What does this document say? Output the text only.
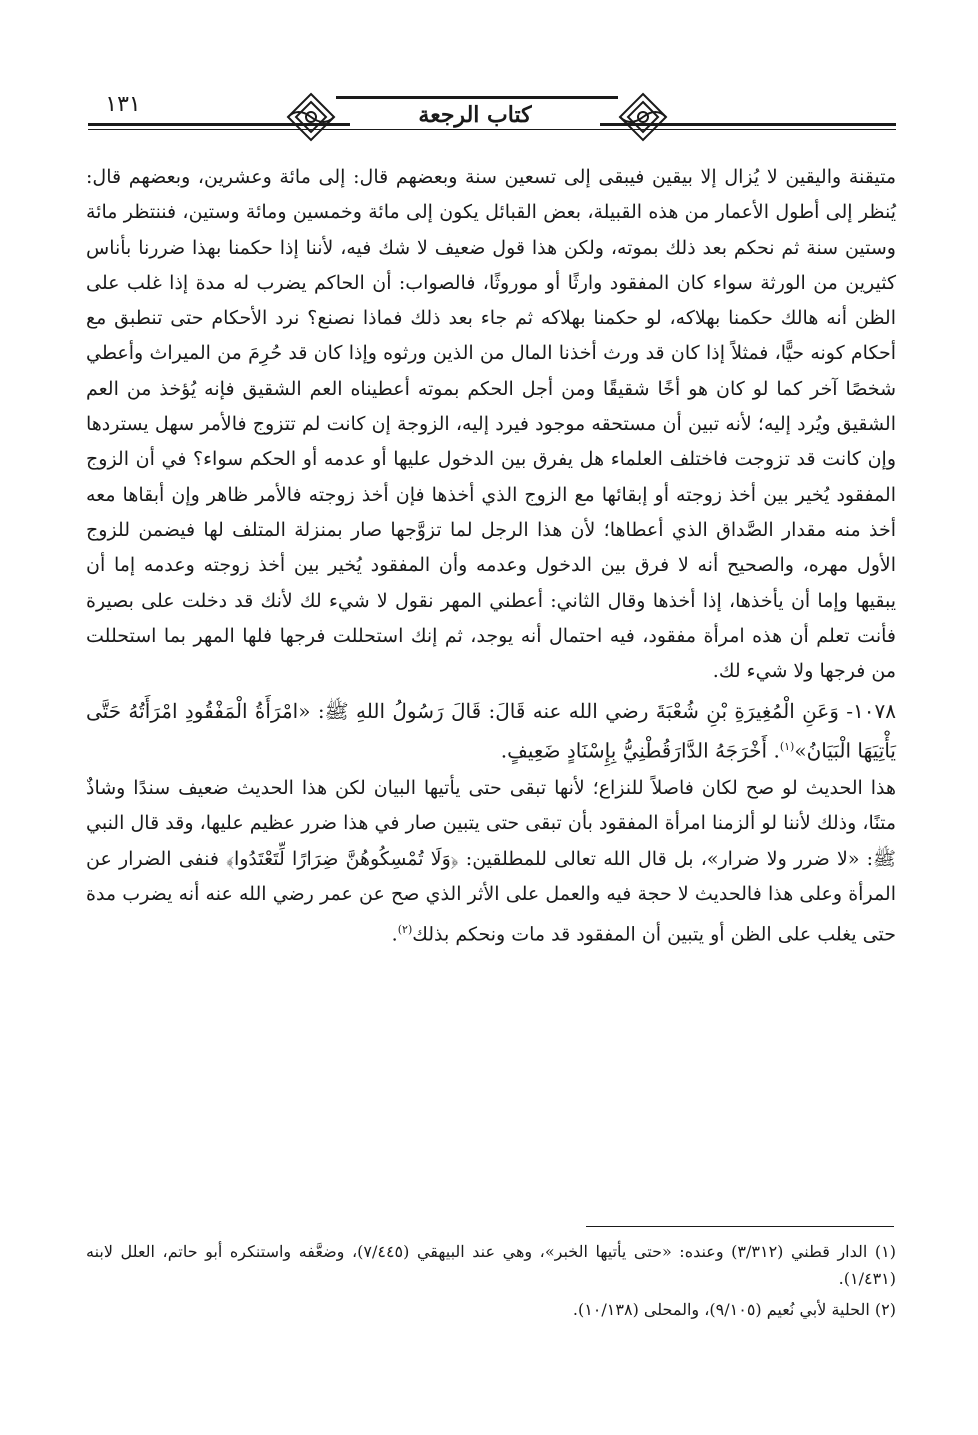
١٣١	كتاب الرجعة

متيقنة واليقين لا يُزال إلا بيقين فيبقى إلى تسعين سنة وبعضهم قال: إلى مائة وعشرين، وبعضهم قال: يُنظر إلى أطول الأعمار من هذه القبيلة، بعض القبائل يكون إلى مائة وخمسين ومائة وستين، فننتظر مائة وستين سنة ثم نحكم بعد ذلك بموته، ولكن هذا قول ضعيف لا شك فيه، لأننا إذا حكمنا بهذا ضررنا بأناس كثيرين من الورثة سواء كان المفقود وارثًا أو موروثًا، فالصواب: أن الحاكم يضرب له مدة إذا غلب على الظن أنه هالك حكمنا بهلاكه، لو حكمنا بهلاكه ثم جاء بعد ذلك فماذا نصنع؟ نرد الأحكام حتى تنطبق مع أحكام كونه حيًّا، فمثلاً إذا كان قد ورث أخذنا المال من الذين ورثوه وإذا كان قد حُرِمَ من الميراث وأعطي شخصًا آخر كما لو كان هو أخًا شقيقًا ومن أجل الحكم بموته أعطيناه العم الشقيق فإنه يُؤخذ من العم الشقيق ويُرد إليه؛ لأنه تبين أن مستحقه موجود فيرد إليه، الزوجة إن كانت لم تتزوج فالأمر سهل يستردها وإن كانت قد تزوجت فاختلف العلماء هل يفرق بين الدخول عليها أو عدمه أو الحكم سواء؟ في أن الزوج المفقود يُخير بين أخذ زوجته أو إبقائها مع الزوج الذي أخذها فإن أخذ زوجته فالأمر ظاهر وإن أبقاها معه أخذ منه مقدار الصَّداق الذي أعطاها؛ لأن هذا الرجل لما تزوَّجها صار بمنزلة المتلف لها فيضمن للزوج الأول مهره، والصحيح أنه لا فرق بين الدخول وعدمه وأن المفقود يُخير بين أخذ زوجته وعدمه إما أن يبقيها وإما أن يأخذها، إذا أخذها وقال الثاني: أعطني المهر نقول لا شيء لك لأنك قد دخلت على بصيرة فأنت تعلم أن هذه امرأة مفقود، فيه احتمال أنه يوجد، ثم إنك استحللت فرجها فلها المهر بما استحللت من فرجها ولا شيء لك.

١٠٧٨- وَعَنِ الْمُغِيرَةِ بْنِ شُعْبَةَ رضي الله عنه قَالَ: قَالَ رَسُولُ اللهِ ﷺ: «امْرَأَةُ الْمَفْقُودِ امْرَأَتُهُ حَتَّى يَأْتِيَهَا الْبَيَانُ»$^{(١)}$. أَخْرَجَهُ الدَّارَقُطْنِيُّ بِإِسْنَادٍ ضَعِيفٍ.

هذا الحديث لو صح لكان فاصلاً للنزاع؛ لأنها تبقى حتى يأتيها البيان لكن هذا الحديث ضعيف سندًا وشاذٌ متنًا، وذلك لأننا لو ألزمنا امرأة المفقود بأن تبقى حتى يتبين صار في هذا ضرر عظيم عليها، وقد قال النبي ﷺ: «لا ضرر ولا ضرار»، بل قال الله تعالى للمطلقين: ﴿وَلَا تُمْسِكُوهُنَّ ضِرَارًا لِّتَعْتَدُوا﴾ فنفى الضرار عن المرأة وعلى هذا فالحديث لا حجة فيه والعمل على الأثر الذي صح عن عمر رضي الله عنه أنه يضرب مدة حتى يغلب على الظن أو يتبين أن المفقود قد مات ونحكم بذلك$^{(٢)}$.

(١) الدار قطني (٣/٣١٢) وعنده: «حتى يأتيها الخبر»، وهي عند البيهقي (٧/٤٤٥)، وضعَّفه واستنكره أبو حاتم، العلل لابنه (١/٤٣١).

(٢) الحلية لأبي نُعيم (٩/١٠٥)، والمحلى (١٠/١٣٨).
